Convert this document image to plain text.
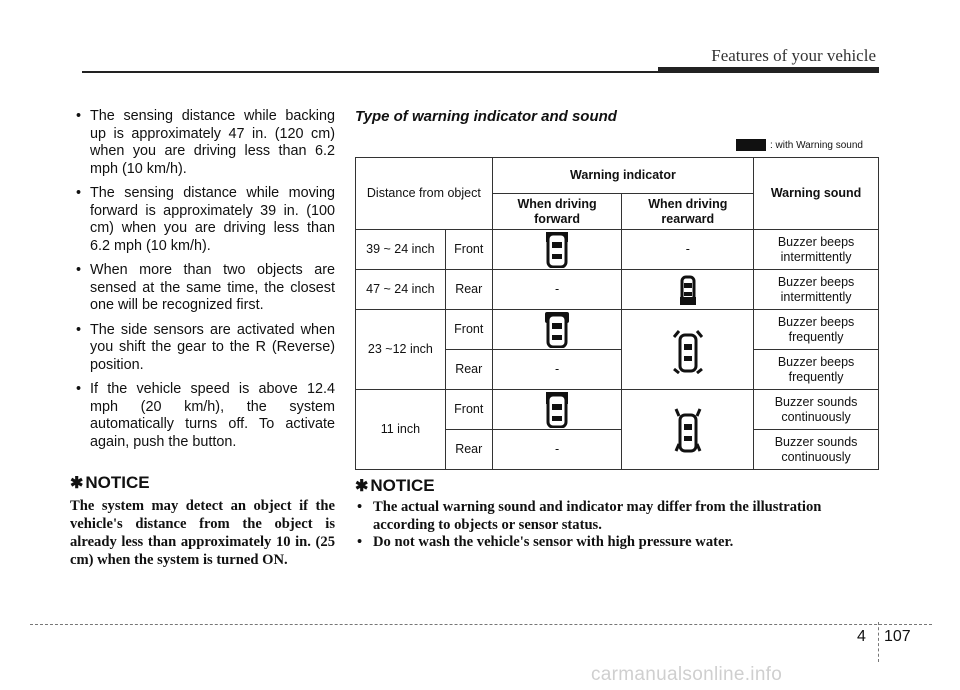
Features of your vehicle
• The sensing distance while backing up is approximately 47 in. (120 cm) when you are driving less than 6.2 mph (10 km/h).
• The sensing distance while moving forward is approximately 39 in. (100 cm) when you are driving less than 6.2 mph (10 km/h).
• When more than two objects are sensed at the same time, the closest one will be recognized first.
• The side sensors are activated when you shift the gear to the R (Reverse) position.
• If the vehicle speed is above 12.4 mph (20 km/h), the system automatically turns off. To activate again, push the button.
✱ NOTICE
The system may detect an object if the vehicle's distance from the object is already less than approximately 10 in. (25 cm) when the system is turned ON.

Type of warning indicator and sound

: with Warning sound
Distance from object		Warning indicator		Warning sound
		When driving forward	When driving rearward	
39 ~ 24 inch	Front		-	Buzzer beeps intermittently
47 ~ 24 inch	Rear	-		Buzzer beeps intermittently
23 ~12 inch	Front			Buzzer beeps frequently
	Rear	-		Buzzer beeps frequently
11 inch	Front			Buzzer sounds continuously
	Rear	-		Buzzer sounds continuously
✱ NOTICE
• The actual warning sound and indicator may differ from the illustration according to objects or sensor status.
• Do not wash the vehicle's sensor with high pressure water.
4 107
carmanualsonline.info
